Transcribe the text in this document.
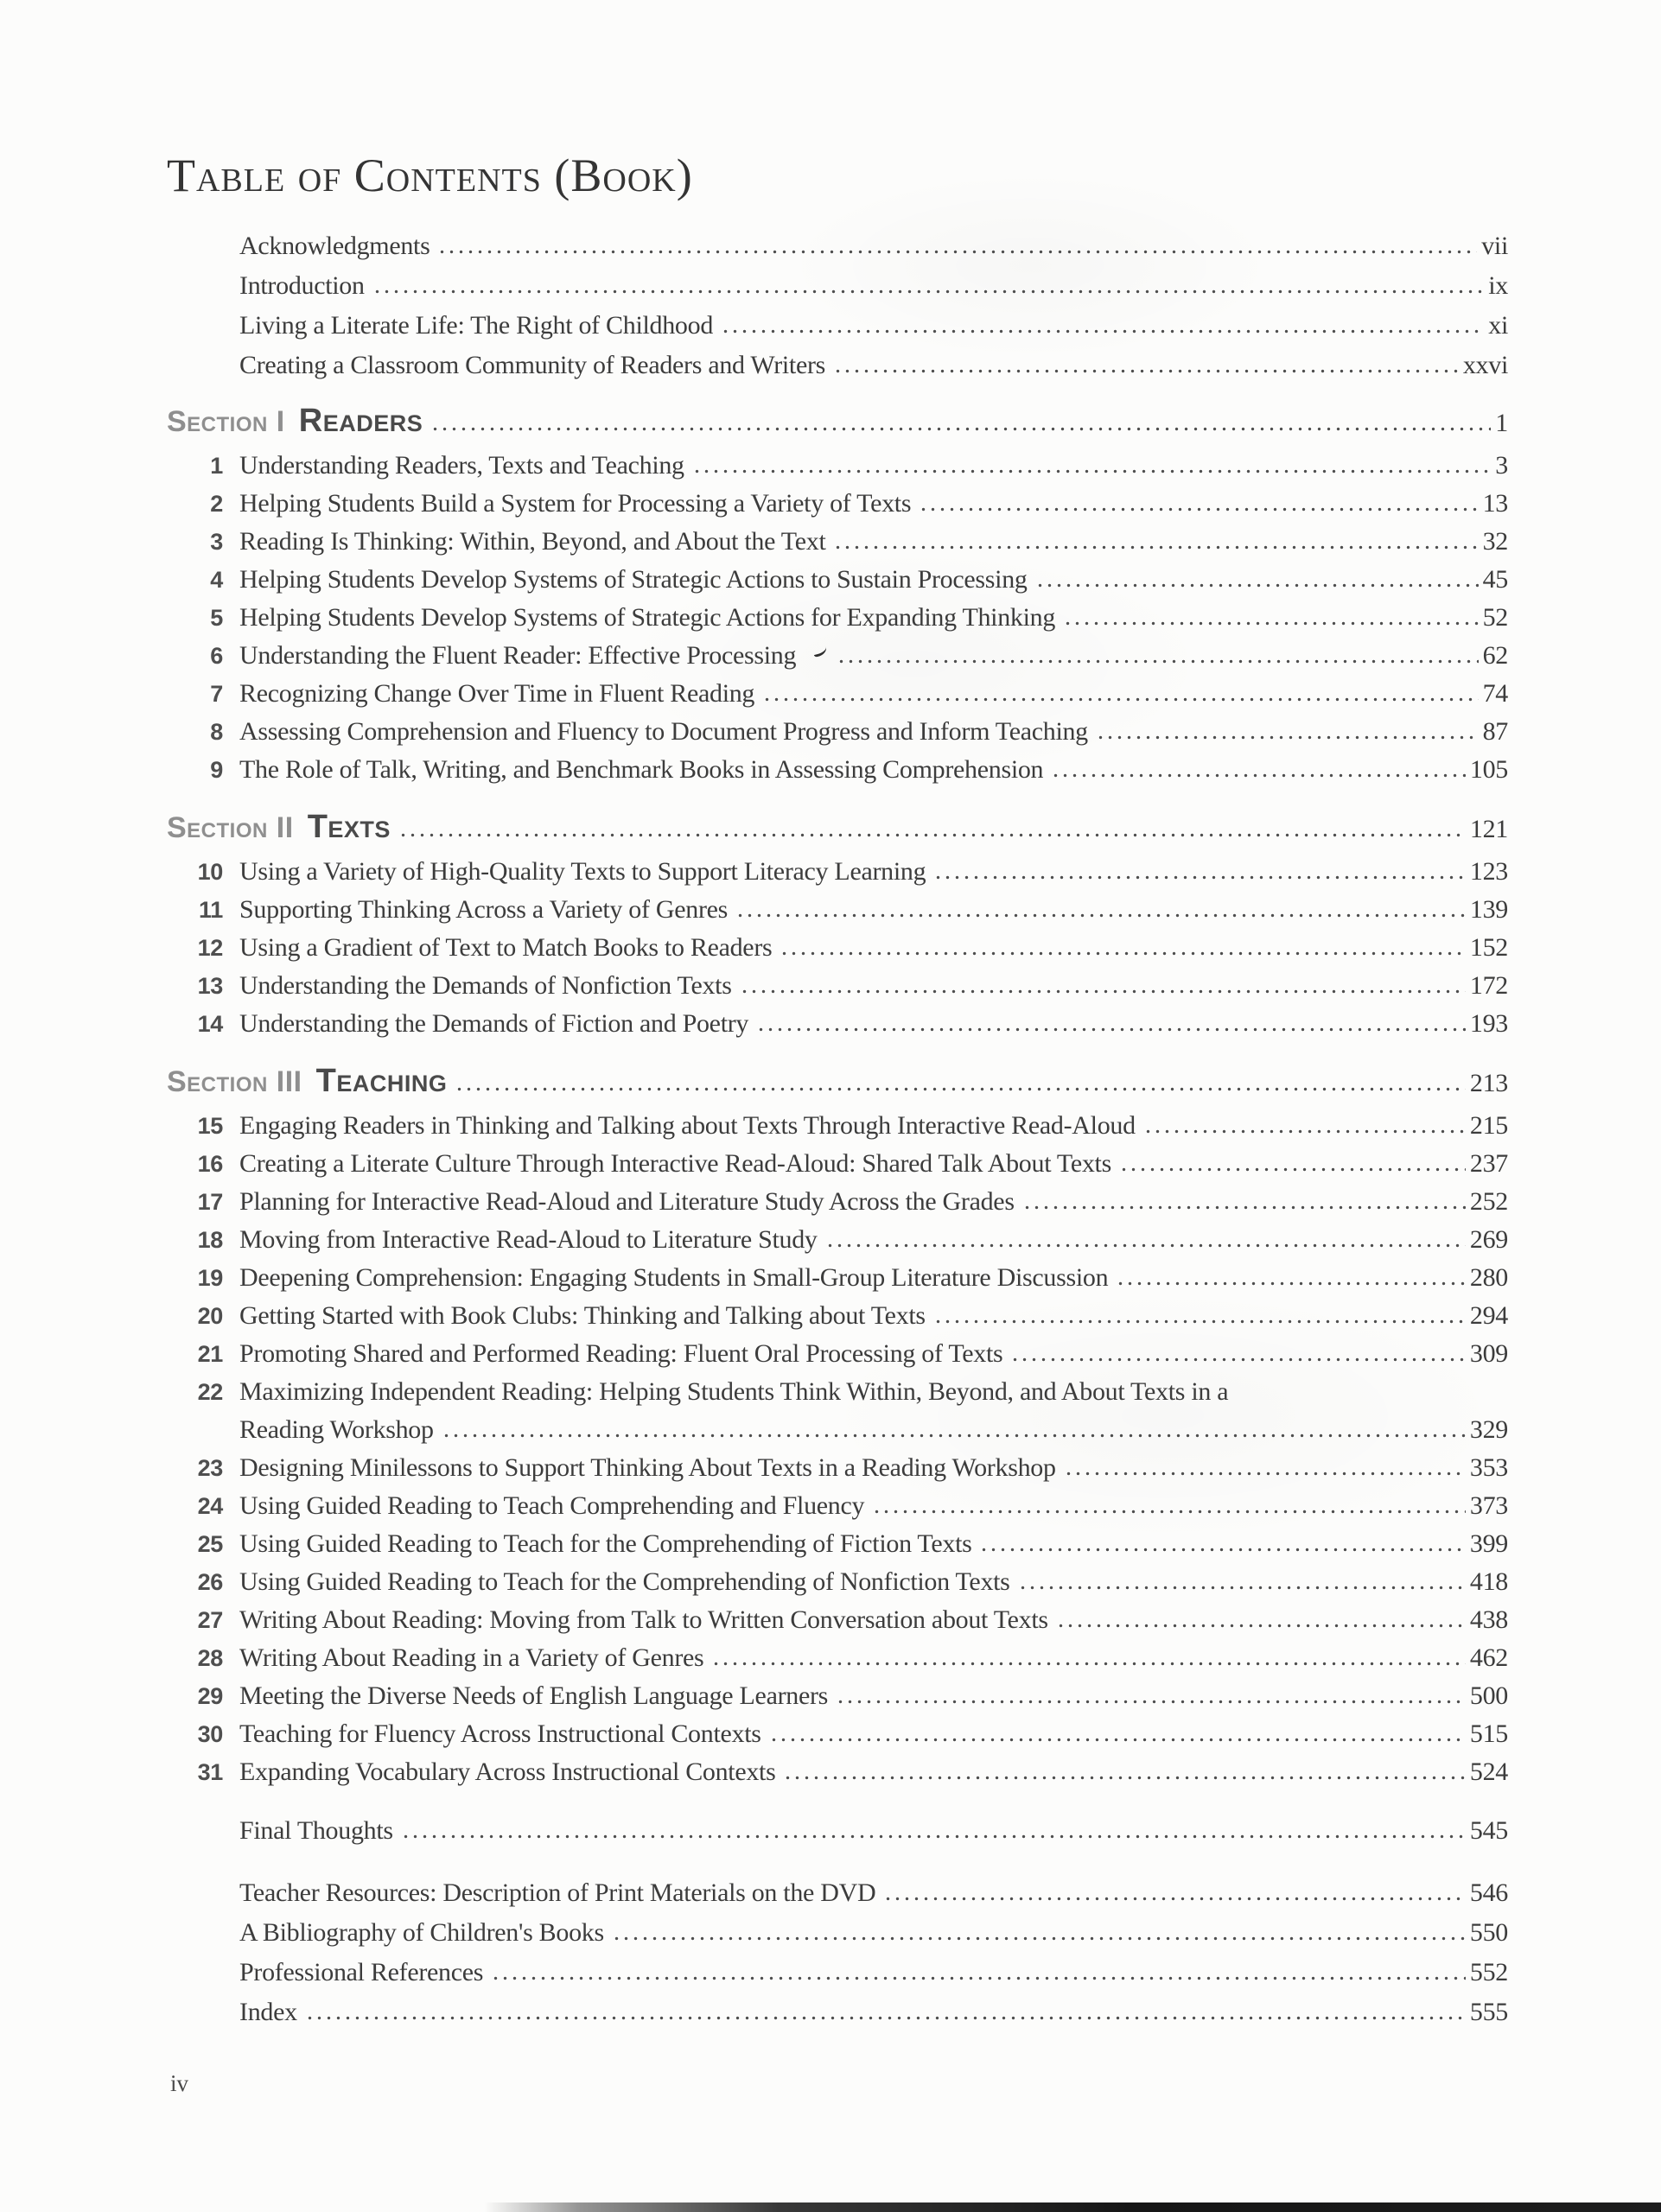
Table of Contents (Book)
Acknowledgments	vii
Introduction	ix
Living a Literate Life: The Right of Childhood	xi
Creating a Classroom Community of Readers and Writers	xxvi
Section I Readers	1
1 Understanding Readers, Texts and Teaching	3
2 Helping Students Build a System for Processing a Variety of Texts	13
3 Reading Is Thinking: Within, Beyond, and About the Text	32
4 Helping Students Develop Systems of Strategic Actions to Sustain Processing	45
5 Helping Students Develop Systems of Strategic Actions for Expanding Thinking	52
6 Understanding the Fluent Reader: Effective Processing	62
7 Recognizing Change Over Time in Fluent Reading	74
8 Assessing Comprehension and Fluency to Document Progress and Inform Teaching	87
9 The Role of Talk, Writing, and Benchmark Books in Assessing Comprehension	105
Section II Texts	121
10 Using a Variety of High-Quality Texts to Support Literacy Learning	123
11 Supporting Thinking Across a Variety of Genres	139
12 Using a Gradient of Text to Match Books to Readers	152
13 Understanding the Demands of Nonfiction Texts	172
14 Understanding the Demands of Fiction and Poetry	193
Section III Teaching	213
15 Engaging Readers in Thinking and Talking about Texts Through Interactive Read-Aloud	215
16 Creating a Literate Culture Through Interactive Read-Aloud: Shared Talk About Texts	237
17 Planning for Interactive Read-Aloud and Literature Study Across the Grades	252
18 Moving from Interactive Read-Aloud to Literature Study	269
19 Deepening Comprehension: Engaging Students in Small-Group Literature Discussion	280
20 Getting Started with Book Clubs: Thinking and Talking about Texts	294
21 Promoting Shared and Performed Reading: Fluent Oral Processing of Texts	309
22 Maximizing Independent Reading: Helping Students Think Within, Beyond, and About Texts in a
Reading Workshop	329
23 Designing Minilessons to Support Thinking About Texts in a Reading Workshop	353
24 Using Guided Reading to Teach Comprehending and Fluency	373
25 Using Guided Reading to Teach for the Comprehending of Fiction Texts	399
26 Using Guided Reading to Teach for the Comprehending of Nonfiction Texts	418
27 Writing About Reading: Moving from Talk to Written Conversation about Texts	438
28 Writing About Reading in a Variety of Genres	462
29 Meeting the Diverse Needs of English Language Learners	500
30 Teaching for Fluency Across Instructional Contexts	515
31 Expanding Vocabulary Across Instructional Contexts	524
Final Thoughts	545
Teacher Resources: Description of Print Materials on the DVD	546
A Bibliography of Children's Books	550
Professional References	552
Index	555
iv
